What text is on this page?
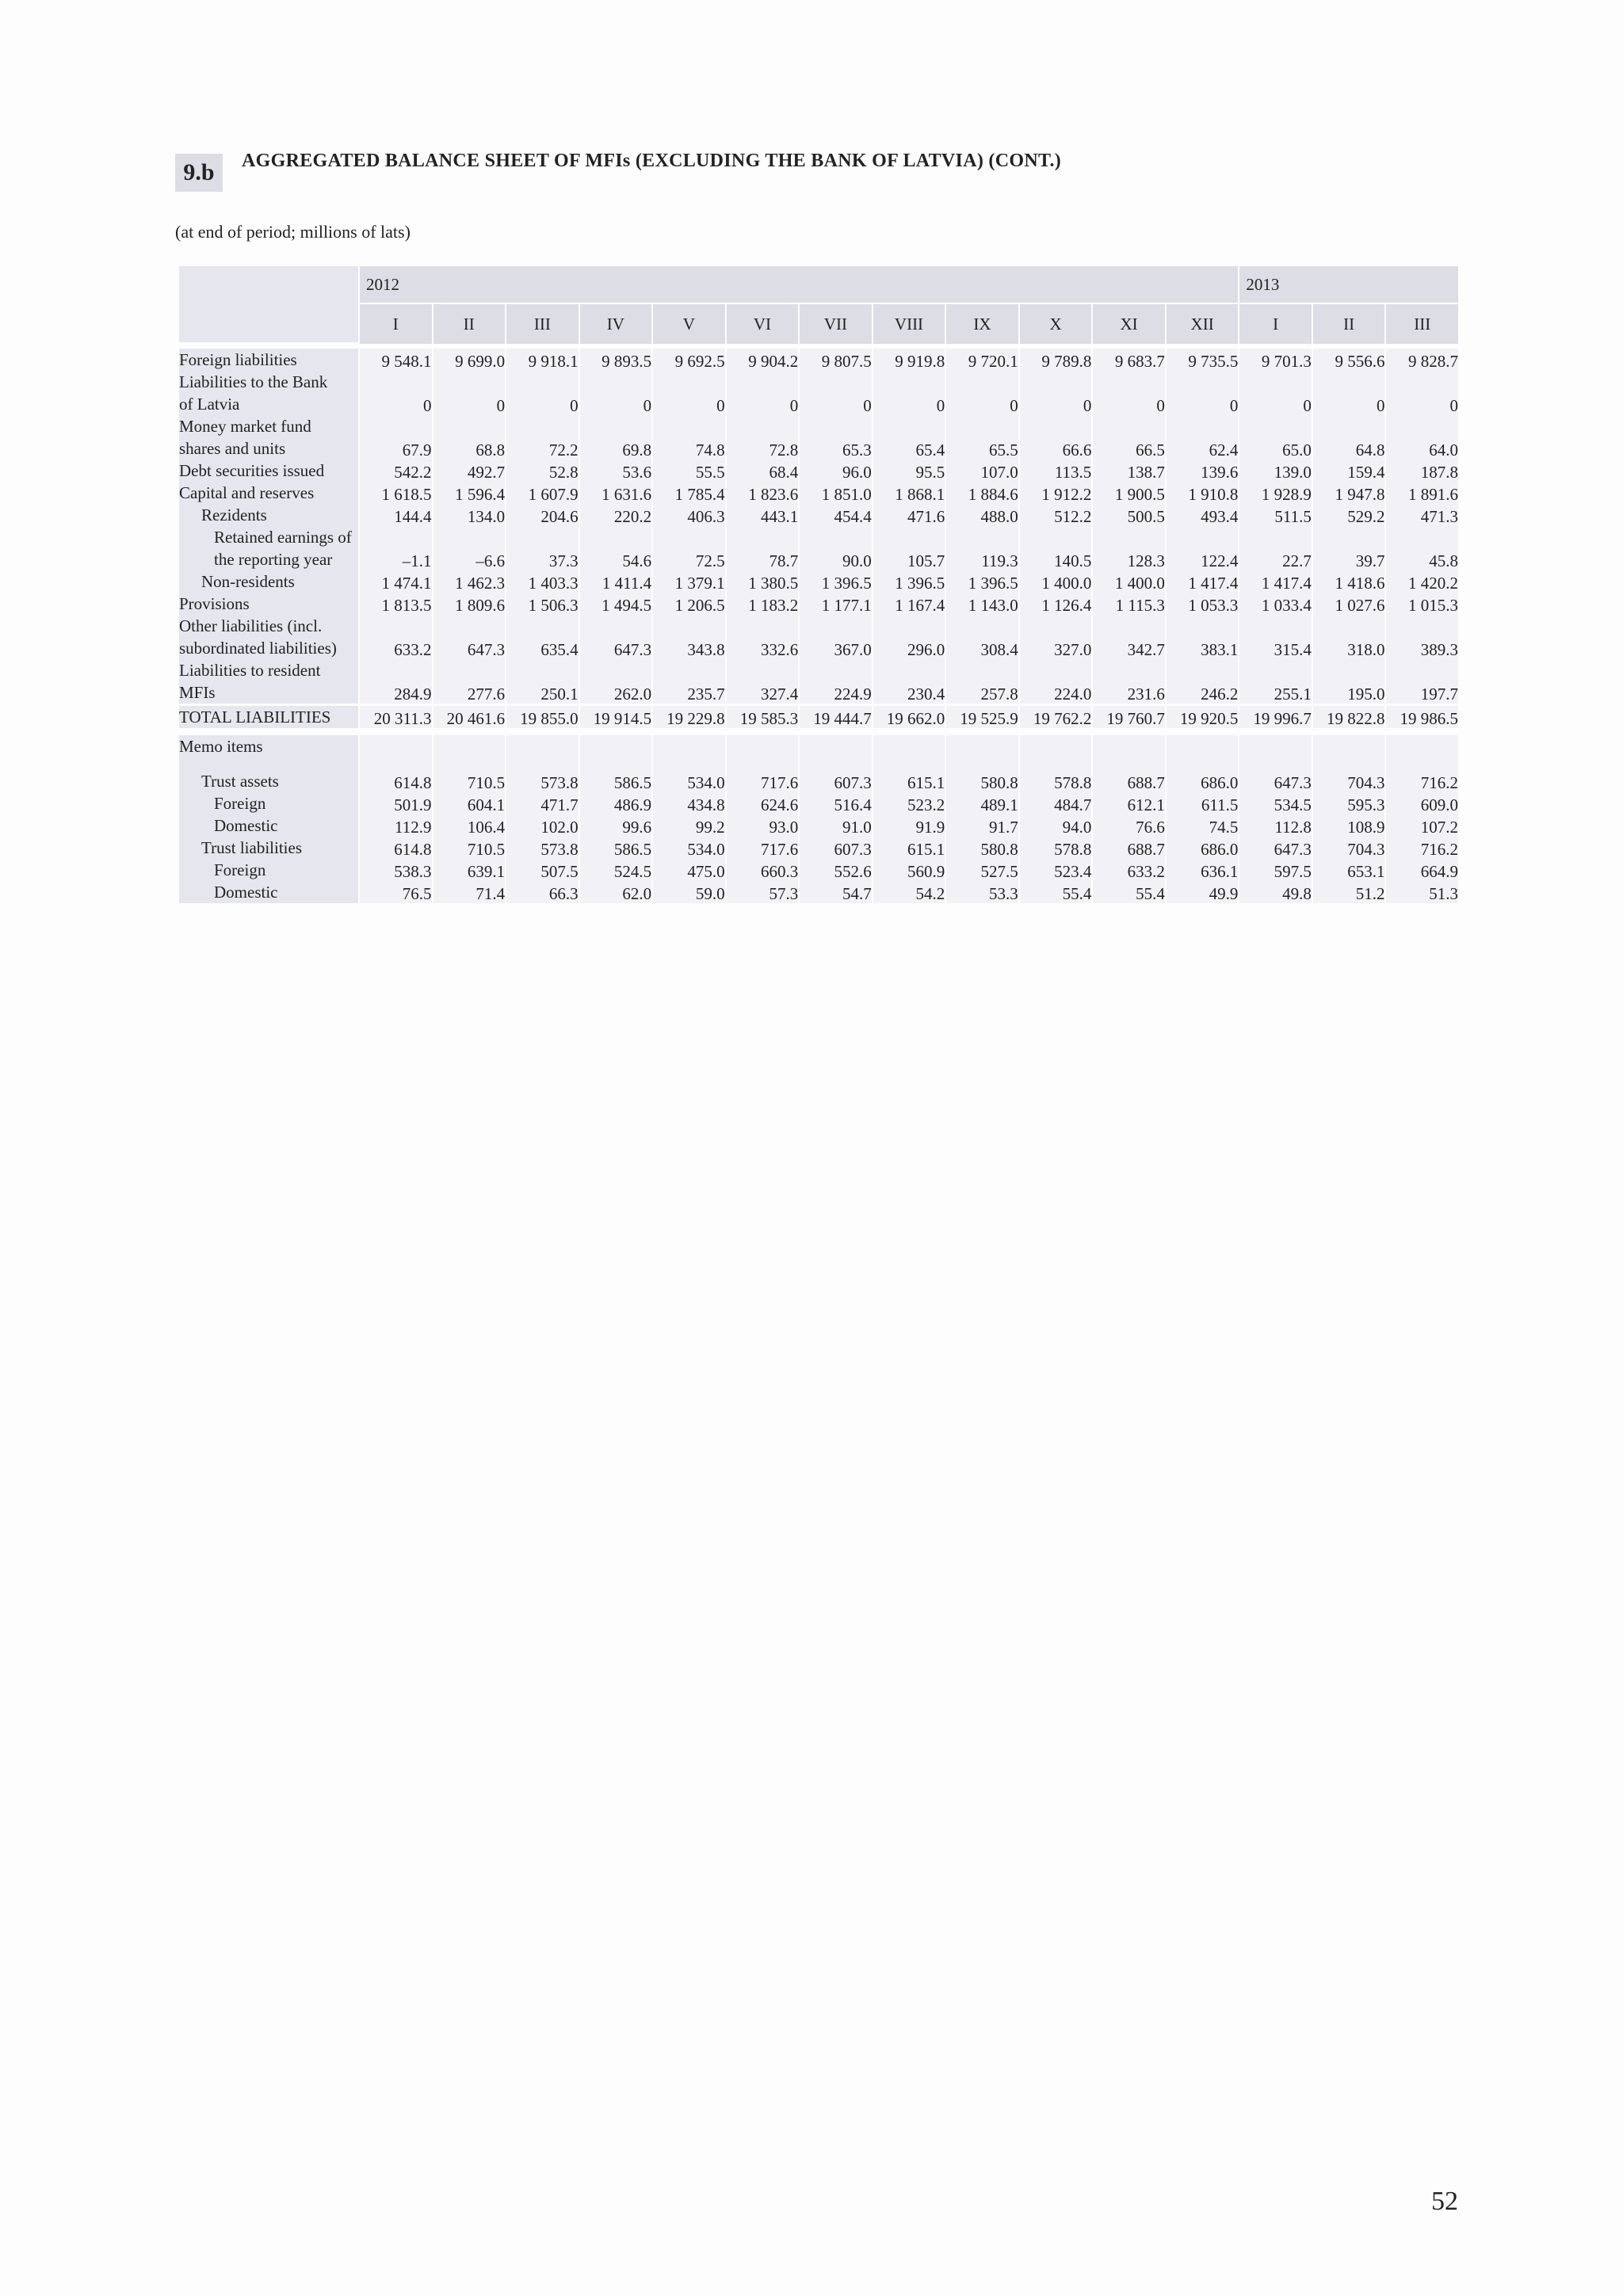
9.b	AGGREGATED BALANCE SHEET OF MFIs (EXCLUDING THE BANK OF LATVIA) (CONT.)
(at end of period; millions of lats)
	2012												2013		
	I	II	III	IV	V	VI	VII	VIII	IX	X	XI	XII	I	II	III

Foreign liabilities	9 548.1	9 699.0	9 918.1	9 893.5	9 692.5	9 904.2	9 807.5	9 919.8	9 720.1	9 789.8	9 683.7	9 735.5	9 701.3	9 556.6	9 828.7
Liabilities to the Bank
of Latvia	0	0	0	0	0	0	0	0	0	0	0	0	0	0	0
Money market fund
shares and units	67.9	68.8	72.2	69.8	74.8	72.8	65.3	65.4	65.5	66.6	66.5	62.4	65.0	64.8	64.0
Debt securities issued	542.2	492.7	52.8	53.6	55.5	68.4	96.0	95.5	107.0	113.5	138.7	139.6	139.0	159.4	187.8
Capital and reserves	1 618.5	1 596.4	1 607.9	1 631.6	1 785.4	1 823.6	1 851.0	1 868.1	1 884.6	1 912.2	1 900.5	1 910.8	1 928.9	1 947.8	1 891.6
Rezidents	144.4	134.0	204.6	220.2	406.3	443.1	454.4	471.6	488.0	512.2	500.5	493.4	511.5	529.2	471.3
Retained earnings of
the reporting year	–1.1	–6.6	37.3	54.6	72.5	78.7	90.0	105.7	119.3	140.5	128.3	122.4	22.7	39.7	45.8
Non-residents	1 474.1	1 462.3	1 403.3	1 411.4	1 379.1	1 380.5	1 396.5	1 396.5	1 396.5	1 400.0	1 400.0	1 417.4	1 417.4	1 418.6	1 420.2
Provisions	1 813.5	1 809.6	1 506.3	1 494.5	1 206.5	1 183.2	1 177.1	1 167.4	1 143.0	1 126.4	1 115.3	1 053.3	1 033.4	1 027.6	1 015.3
Other liabilities (incl.
subordinated liabilities)	633.2	647.3	635.4	647.3	343.8	332.6	367.0	296.0	308.4	327.0	342.7	383.1	315.4	318.0	389.3
Liabilities to resident
MFIs	284.9	277.6	250.1	262.0	235.7	327.4	224.9	230.4	257.8	224.0	231.6	246.2	255.1	195.0	197.7
TOTAL LIABILITIES	20 311.3	20 461.6	19 855.0	19 914.5	19 229.8	19 585.3	19 444.7	19 662.0	19 525.9	19 762.2	19 760.7	19 920.5	19 996.7	19 822.8	19 986.5

Memo items															
Trust assets	614.8	710.5	573.8	586.5	534.0	717.6	607.3	615.1	580.8	578.8	688.7	686.0	647.3	704.3	716.2
Foreign	501.9	604.1	471.7	486.9	434.8	624.6	516.4	523.2	489.1	484.7	612.1	611.5	534.5	595.3	609.0
Domestic	112.9	106.4	102.0	99.6	99.2	93.0	91.0	91.9	91.7	94.0	76.6	74.5	112.8	108.9	107.2
Trust liabilities	614.8	710.5	573.8	586.5	534.0	717.6	607.3	615.1	580.8	578.8	688.7	686.0	647.3	704.3	716.2
Foreign	538.3	639.1	507.5	524.5	475.0	660.3	552.6	560.9	527.5	523.4	633.2	636.1	597.5	653.1	664.9
Domestic	76.5	71.4	66.3	62.0	59.0	57.3	54.7	54.2	53.3	55.4	55.4	49.9	49.8	51.2	51.3

52
